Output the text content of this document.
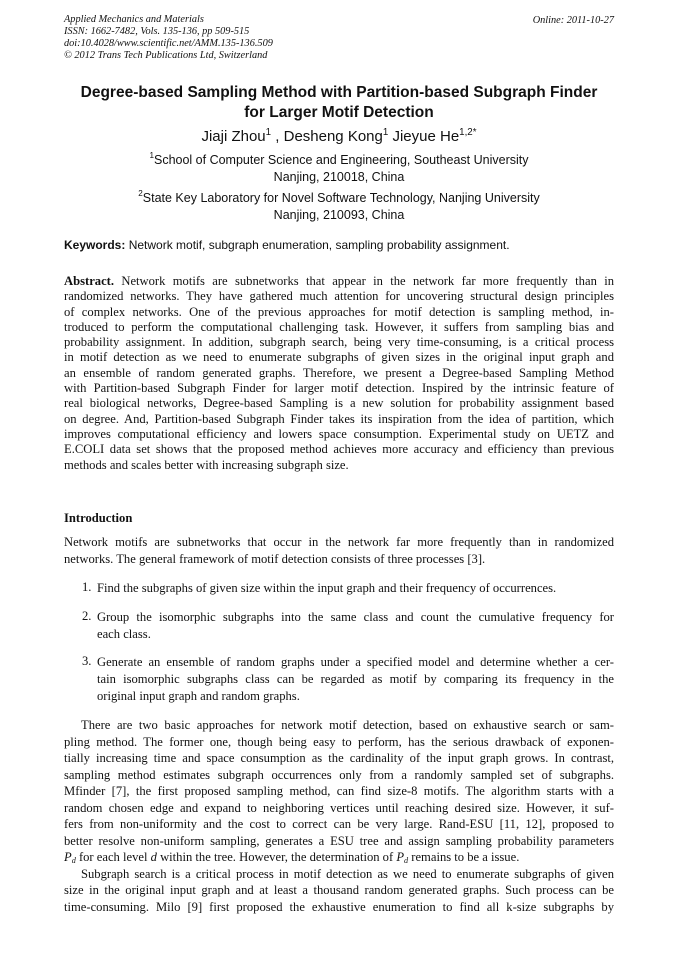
Applied Mechanics and Materials
ISSN: 1662-7482, Vols. 135-136, pp 509-515
doi:10.4028/www.scientific.net/AMM.135-136.509
© 2012 Trans Tech Publications Ltd, Switzerland
Online: 2011-10-27
Degree-based Sampling Method with Partition-based Subgraph Finder
for Larger Motif Detection
Jiaji Zhou$^1$ , Desheng Kong$^1$ Jieyue $He^{1,2*}$
$^1$School of Computer Science and Engineering, Southeast University
Nanjing, 210018, China
$^2$State Key Laboratory for Novel Software Technology, Nanjing University
Nanjing, 210093, China
Keywords: Network motif, subgraph enumeration, sampling probability assignment.
Abstract. Network motifs are subnetworks that appear in the network far more frequently than in
randomized networks. They have gathered much attention for uncovering structural design principles
of complex networks. One of the previous approaches for motif detection is sampling method, in-
troduced to perform the computational challenging task. However, it suffers from sampling bias and
probability assignment. In addition, subgraph search, being very time-consuming, is a critical process
in motif detection as we need to enumerate subgraphs of given sizes in the original input graph and
an ensemble of random generated graphs. Therefore, we present a Degree-based Sampling Method
with Partition-based Subgraph Finder for larger motif detection. Inspired by the intrinsic feature of
real biological networks, Degree-based Sampling is a new solution for probability assignment based
on degree. And, Partition-based Subgraph Finder takes its inspiration from the idea of partition, which
improves computational efficiency and lowers space consumption. Experimental study on UETZ and
E.COLI data set shows that the proposed method achieves more accuracy and efficiency than previous
methods and scales better with increasing subgraph size.
Introduction
Network motifs are subnetworks that occur in the network far more frequently than in randomized
networks. The general framework of motif detection consists of three processes [3].
1. Find the subgraphs of given size within the input graph and their frequency of occurrences.
2. Group the isomorphic subgraphs into the same class and count the cumulative frequency for
each class.
3. Generate an ensemble of random graphs under a specified model and determine whether a cer-
tain isomorphic subgraphs class can be regarded as motif by comparing its frequency in the
original input graph and random graphs.
There are two basic approaches for network motif detection, based on exhaustive search or sam-
pling method. The former one, though being easy to perform, has the serious drawback of exponen-
tially increasing time and space consumption as the cardinality of the input graph grows. In contrast,
sampling method estimates subgraph occurrences only from a randomly sampled set of subgraphs.
Mfinder [7], the first proposed sampling method, can find size-8 motifs. The algorithm starts with a
random chosen edge and expand to neighboring vertices until reaching desired size. However, it suf-
fers from non-uniformity and the cost to correct can be very large. Rand-ESU [11, 12], proposed to
better resolve non-uniform sampling, generates a ESU tree and assign sampling probability parameters
$P_d$ for each level d within the tree. However, the determination of $P_d$ remains to be a issue.
Subgraph search is a critical process in motif detection as we need to enumerate subgraphs of given
size in the original input graph and at least a thousand random generated graphs. Such process can be
time-consuming. Milo [9] first proposed the exhaustive enumeration to find all k-size subgraphs by
